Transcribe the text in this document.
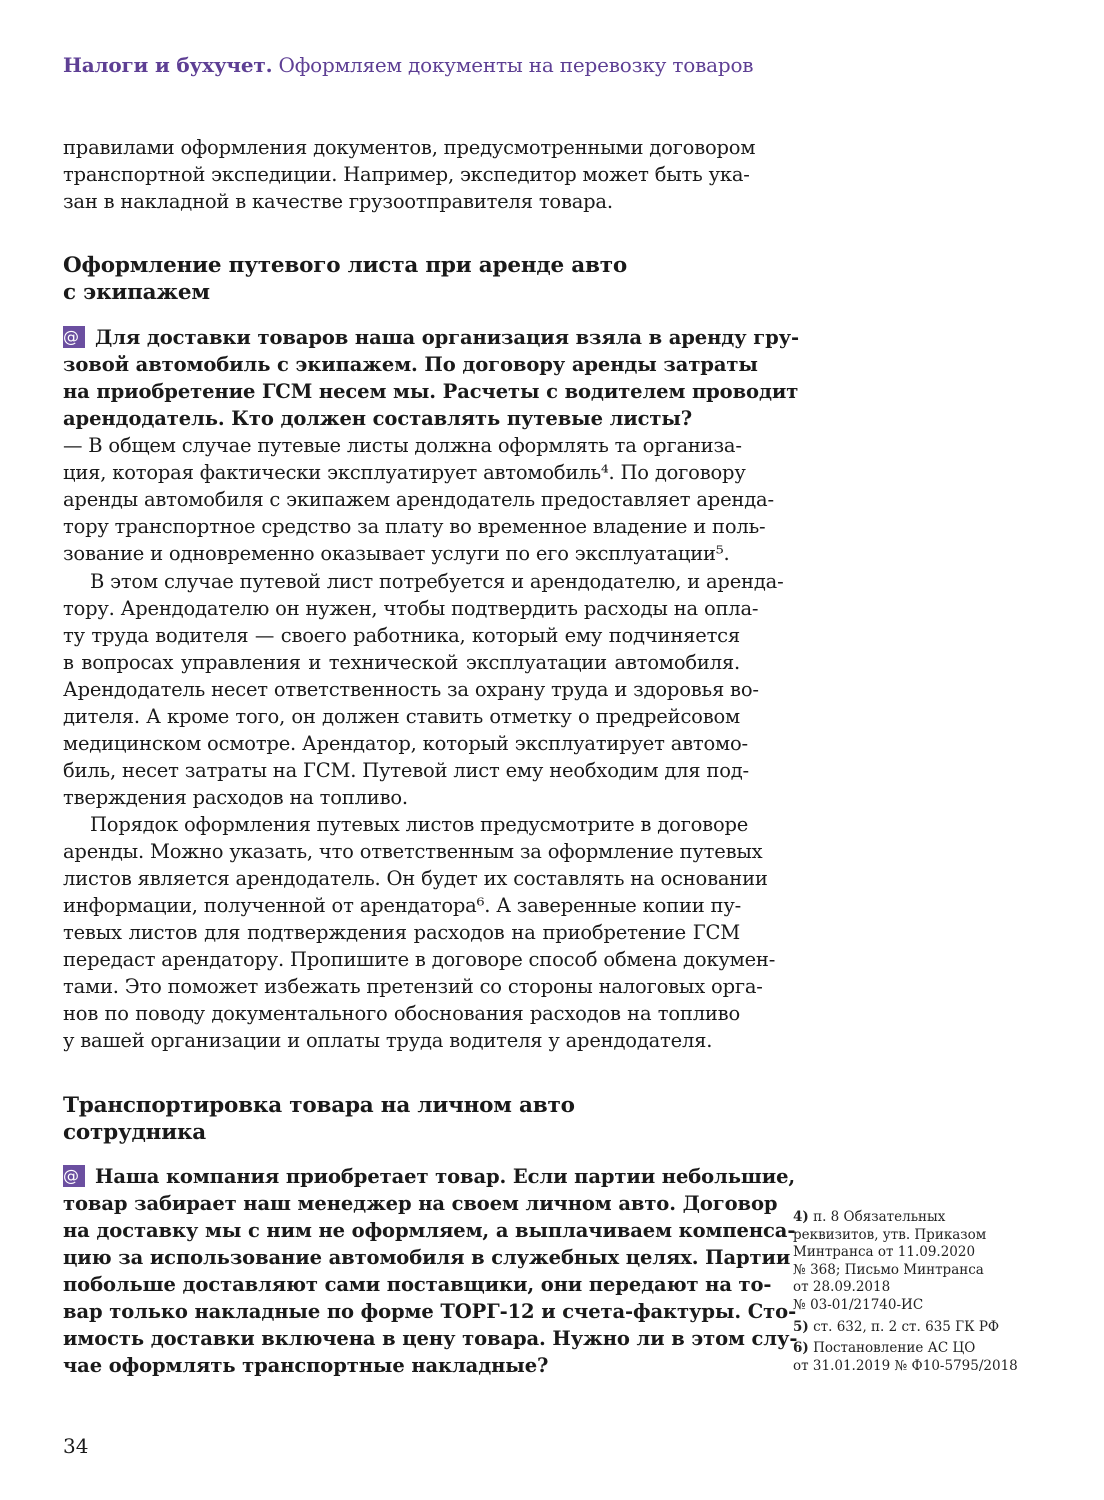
Налоги и бухучет. Оформляем документы на перевозку товаров
правилами оформления документов, предусмотренными договором
транспортной экспедиции. Например, экспедитор может быть ука-
зан в накладной в качестве грузоотправителя товара.
Оформление путевого листа при аренде авто
с экипажем
@ Для доставки товаров наша организация взяла в аренду гру-
зовой автомобиль с экипажем. По договору аренды затраты
на приобретение ГСМ несем мы. Расчеты с водителем проводит
арендодатель. Кто должен составлять путевые листы?
— В общем случае путевые листы должна оформлять та организа-
ция, которая фактически эксплуатирует автомобиль⁴. По договору
аренды автомобиля с экипажем арендодатель предоставляет аренда-
тору транспортное средство за плату во временное владение и поль-
зование и одновременно оказывает услуги по его эксплуатации⁵.
В этом случае путевой лист потребуется и арендодателю, и аренда-
тору. Арендодателю он нужен, чтобы подтвердить расходы на опла-
ту труда водителя — своего работника, который ему подчиняется
в вопросах управления и технической эксплуатации автомобиля.
Арендодатель несет ответственность за охрану труда и здоровья во-
дителя. А кроме того, он должен ставить отметку о предрейсовом
медицинском осмотре. Арендатор, который эксплуатирует автомо-
биль, несет затраты на ГСМ. Путевой лист ему необходим для под-
тверждения расходов на топливо.
Порядок оформления путевых листов предусмотрите в договоре
аренды. Можно указать, что ответственным за оформление путевых
листов является арендодатель. Он будет их составлять на основании
информации, полученной от арендатора⁶. А заверенные копии пу-
тевых листов для подтверждения расходов на приобретение ГСМ
передаст арендатору. Пропишите в договоре способ обмена докумен-
тами. Это поможет избежать претензий со стороны налоговых орга-
нов по поводу документального обоснования расходов на топливо
у вашей организации и оплаты труда водителя у арендодателя.
Транспортировка товара на личном авто
сотрудника
@ Наша компания приобретает товар. Если партии небольшие,
товар забирает наш менеджер на своем личном авто. Договор
на доставку мы с ним не оформляем, а выплачиваем компенса-
цию за использование автомобиля в служебных целях. Партии
побольше доставляют сами поставщики, они передают на то-
вар только накладные по форме ТОРГ-12 и счета-фактуры. Сто-
имость доставки включена в цену товара. Нужно ли в этом слу-
чае оформлять транспортные накладные?

4) п. 8 Обязательных
реквизитов, утв. Приказом
Минтранса от 11.09.2020
№ 368; Письмо Минтранса
от 28.09.2018
№ 03-01/21740-ИС

5) ст. 632, п. 2 ст. 635 ГК РФ

6) Постановление АС ЦО
от 31.01.2019 № Ф10-5795/2018

34
